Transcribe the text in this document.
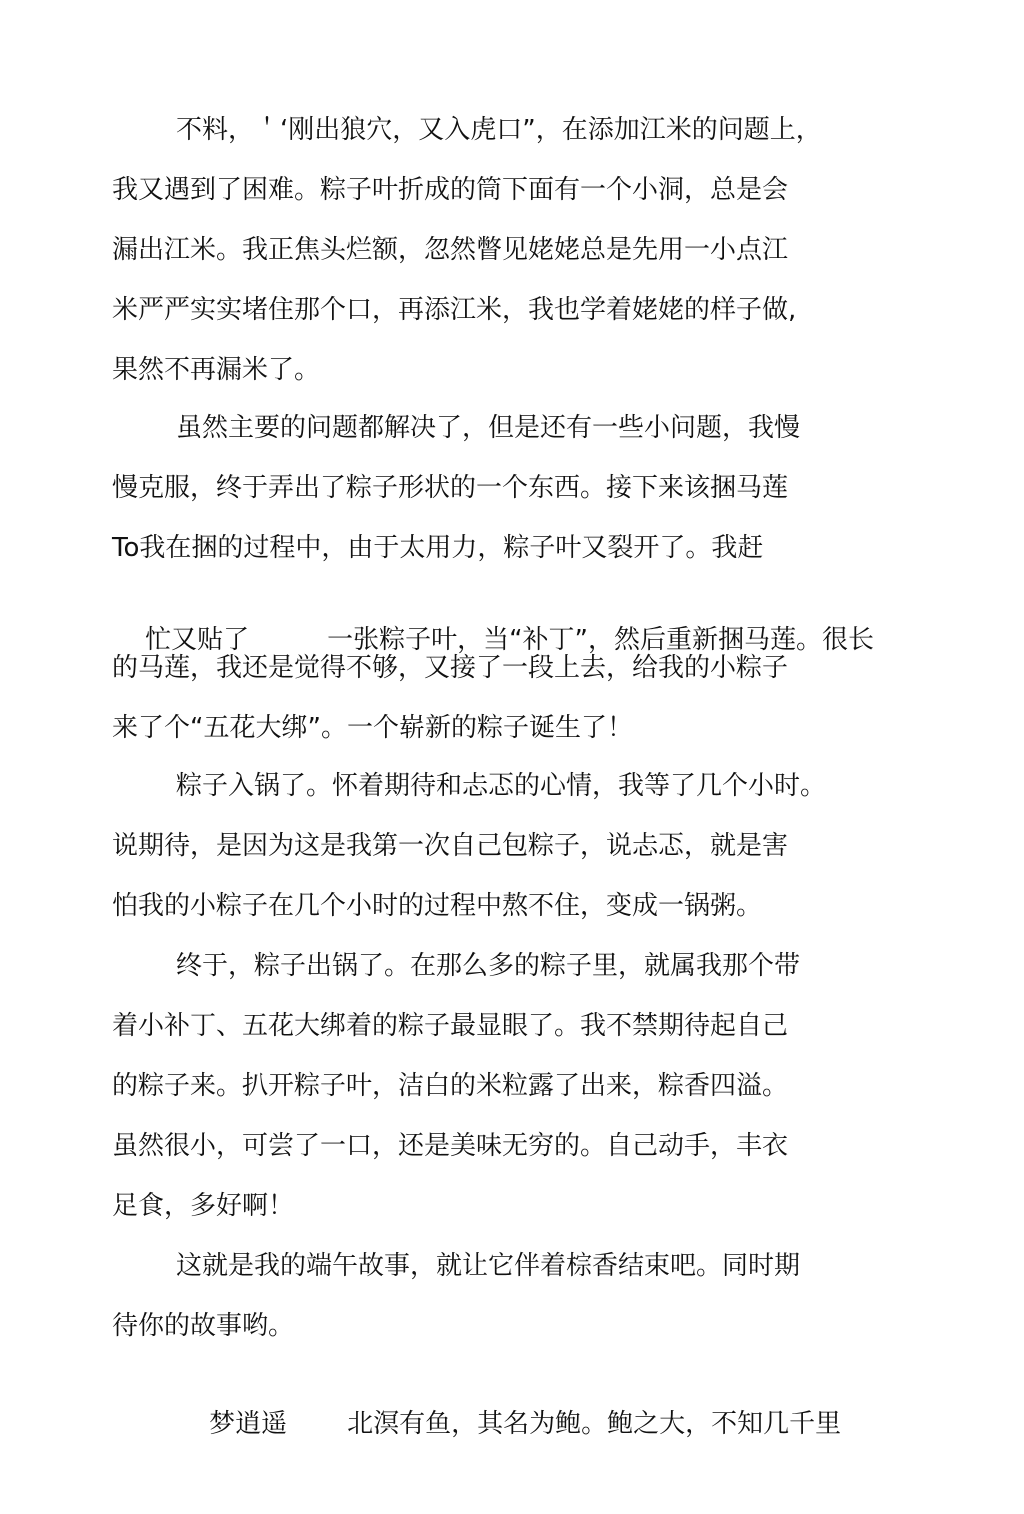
不料，＇‘刚出狼穴，又入虎口”，在添加江米的问题上，
我又遇到了困难。粽子叶折成的筒下面有一个小洞，总是会
漏出江米。我正焦头烂额，忽然瞥见姥姥总是先用一小点江
米严严实实堵住那个口，再添江米，我也学着姥姥的样子做,
果然不再漏米了。
虽然主要的问题都解决了，但是还有一些小问题，我慢
慢克服，终于弄出了粽子形状的一个东西。接下来该捆马莲
To我在捆的过程中，由于太用力，粽子叶又裂开了。我赶

忙又贴了	一张粽子叶，当“补丁”，然后重新捆马莲。很长

的马莲，我还是觉得不够，又接了一段上去，给我的小粽子
来了个“五花大绑”。一个崭新的粽子诞生了！
粽子入锅了。怀着期待和忐忑的心情，我等了几个小时。
说期待，是因为这是我第一次自己包粽子，说忐忑，就是害
怕我的小粽子在几个小时的过程中熬不住，变成一锅粥。
终于，粽子出锅了。在那么多的粽子里，就属我那个带
着小补丁、五花大绑着的粽子最显眼了。我不禁期待起自己
的粽子来。扒开粽子叶，洁白的米粒露了出来，粽香四溢。
虽然很小，可尝了一口，还是美味无穷的。自己动手，丰衣
足食，多好啊！
这就是我的端午故事，就让它伴着棕香结束吧。同时期
待你的故事哟。

梦逍遥 北溟有鱼，其名为鲍。鲍之大，不知几千里
